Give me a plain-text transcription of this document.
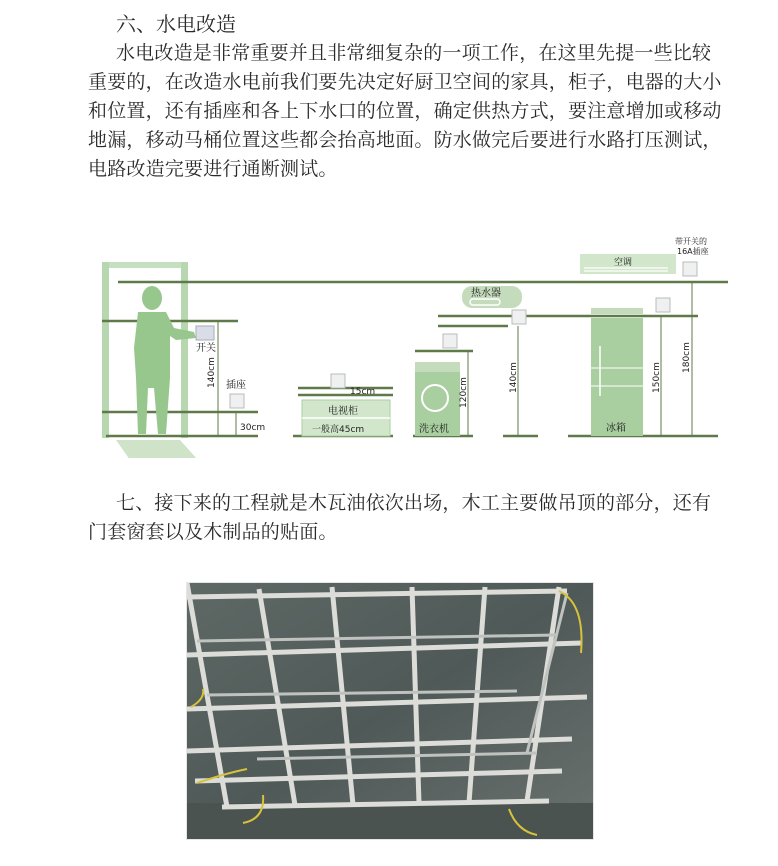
六、水电改造
水电改造是非常重要并且非常细复杂的一项工作，在这里先提一些比较重要的，在改造水电前我们要先决定好厨卫空间的家具，柜子，电器的大小和位置，还有插座和各上下水口的位置，确定供热方式，要注意增加或移动地漏，移动马桶位置这些都会抬高地面。防水做完后要进行水路打压测试，电路改造完要进行通断测试。
开关
140cm 插座
30cm
15cm
电视柜
一般高45cm	洗衣机
120cm
热水器
140cm
空调
带开关的
16A插座
180cm
冰箱
150cm
七、接下来的工程就是木瓦油依次出场，木工主要做吊顶的部分，还有门套窗套以及木制品的贴面。
